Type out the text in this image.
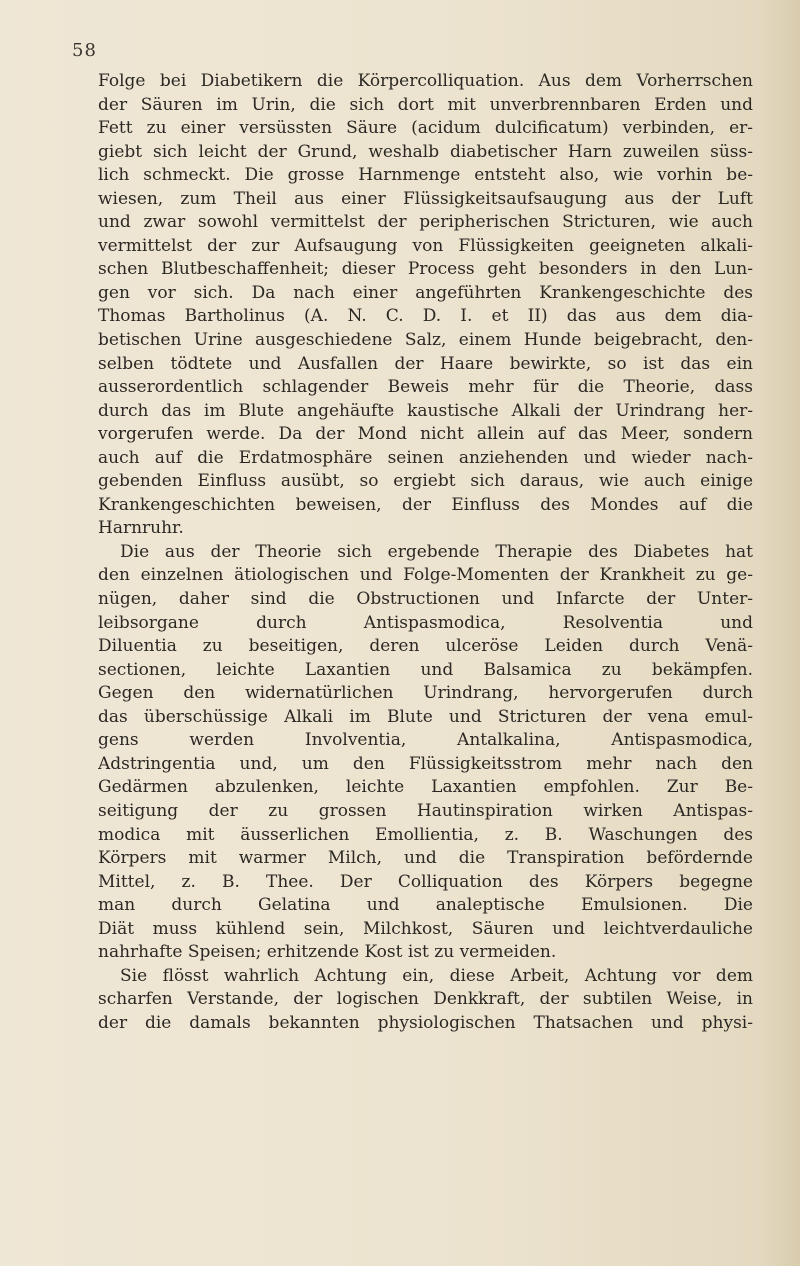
58
Folge bei Diabetikern die Körpercolliquation. Aus dem Vorherrschen
der Säuren im Urin, die sich dort mit unverbrennbaren Erden und
Fett zu einer versüssten Säure (acidum dulcificatum) verbinden, er-
giebt sich leicht der Grund, weshalb diabetischer Harn zuweilen süss-
lich schmeckt. Die grosse Harnmenge entsteht also, wie vorhin be-
wiesen, zum Theil aus einer Flüssigkeitsaufsaugung aus der Luft
und zwar sowohl vermittelst der peripherischen Stricturen, wie auch
vermittelst der zur Aufsaugung von Flüssigkeiten geeigneten alkali-
schen Blutbeschaffenheit; dieser Process geht besonders in den Lun-
gen vor sich. Da nach einer angeführten Krankengeschichte des
Thomas Bartholinus (A. N. C. D. I. et II) das aus dem dia-
betischen Urine ausgeschiedene Salz, einem Hunde beigebracht, den-
selben tödtete und Ausfallen der Haare bewirkte, so ist das ein
ausserordentlich schlagender Beweis mehr für die Theorie, dass
durch das im Blute angehäufte kaustische Alkali der Urindrang her-
vorgerufen werde. Da der Mond nicht allein auf das Meer, sondern
auch auf die Erdatmosphäre seinen anziehenden und wieder nach-
gebenden Einfluss ausübt, so ergiebt sich daraus, wie auch einige
Krankengeschichten beweisen, der Einfluss des Mondes auf die
Harnruhr.
Die aus der Theorie sich ergebende Therapie des Diabetes hat
den einzelnen ätiologischen und Folge-Momenten der Krankheit zu ge-
nügen, daher sind die Obstructionen und Infarcte der Unter-
leibsorgane durch Antispasmodica, Resolventia und
Diluentia zu beseitigen, deren ulceröse Leiden durch Venä-
sectionen, leichte Laxantien und Balsamica zu bekämpfen.
Gegen den widernatürlichen Urindrang, hervorgerufen durch
das überschüssige Alkali im Blute und Stricturen der vena emul-
gens werden Involventia, Antalkalina, Antispasmodica,
Adstringentia und, um den Flüssigkeitsstrom mehr nach den
Gedärmen abzulenken, leichte Laxantien empfohlen. Zur Be-
seitigung der zu grossen Hautinspiration wirken Antispas-
modica mit äusserlichen Emollientia, z. B. Waschungen des
Körpers mit warmer Milch, und die Transpiration befördernde
Mittel, z. B. Thee. Der Colliquation des Körpers begegne
man durch Gelatina und analeptische Emulsionen. Die
Diät muss kühlend sein, Milchkost, Säuren und leichtverdauliche
nahrhafte Speisen; erhitzende Kost ist zu vermeiden.
Sie flösst wahrlich Achtung ein, diese Arbeit, Achtung vor dem
scharfen Verstande, der logischen Denkkraft, der subtilen Weise, in
der die damals bekannten physiologischen Thatsachen und physi-
